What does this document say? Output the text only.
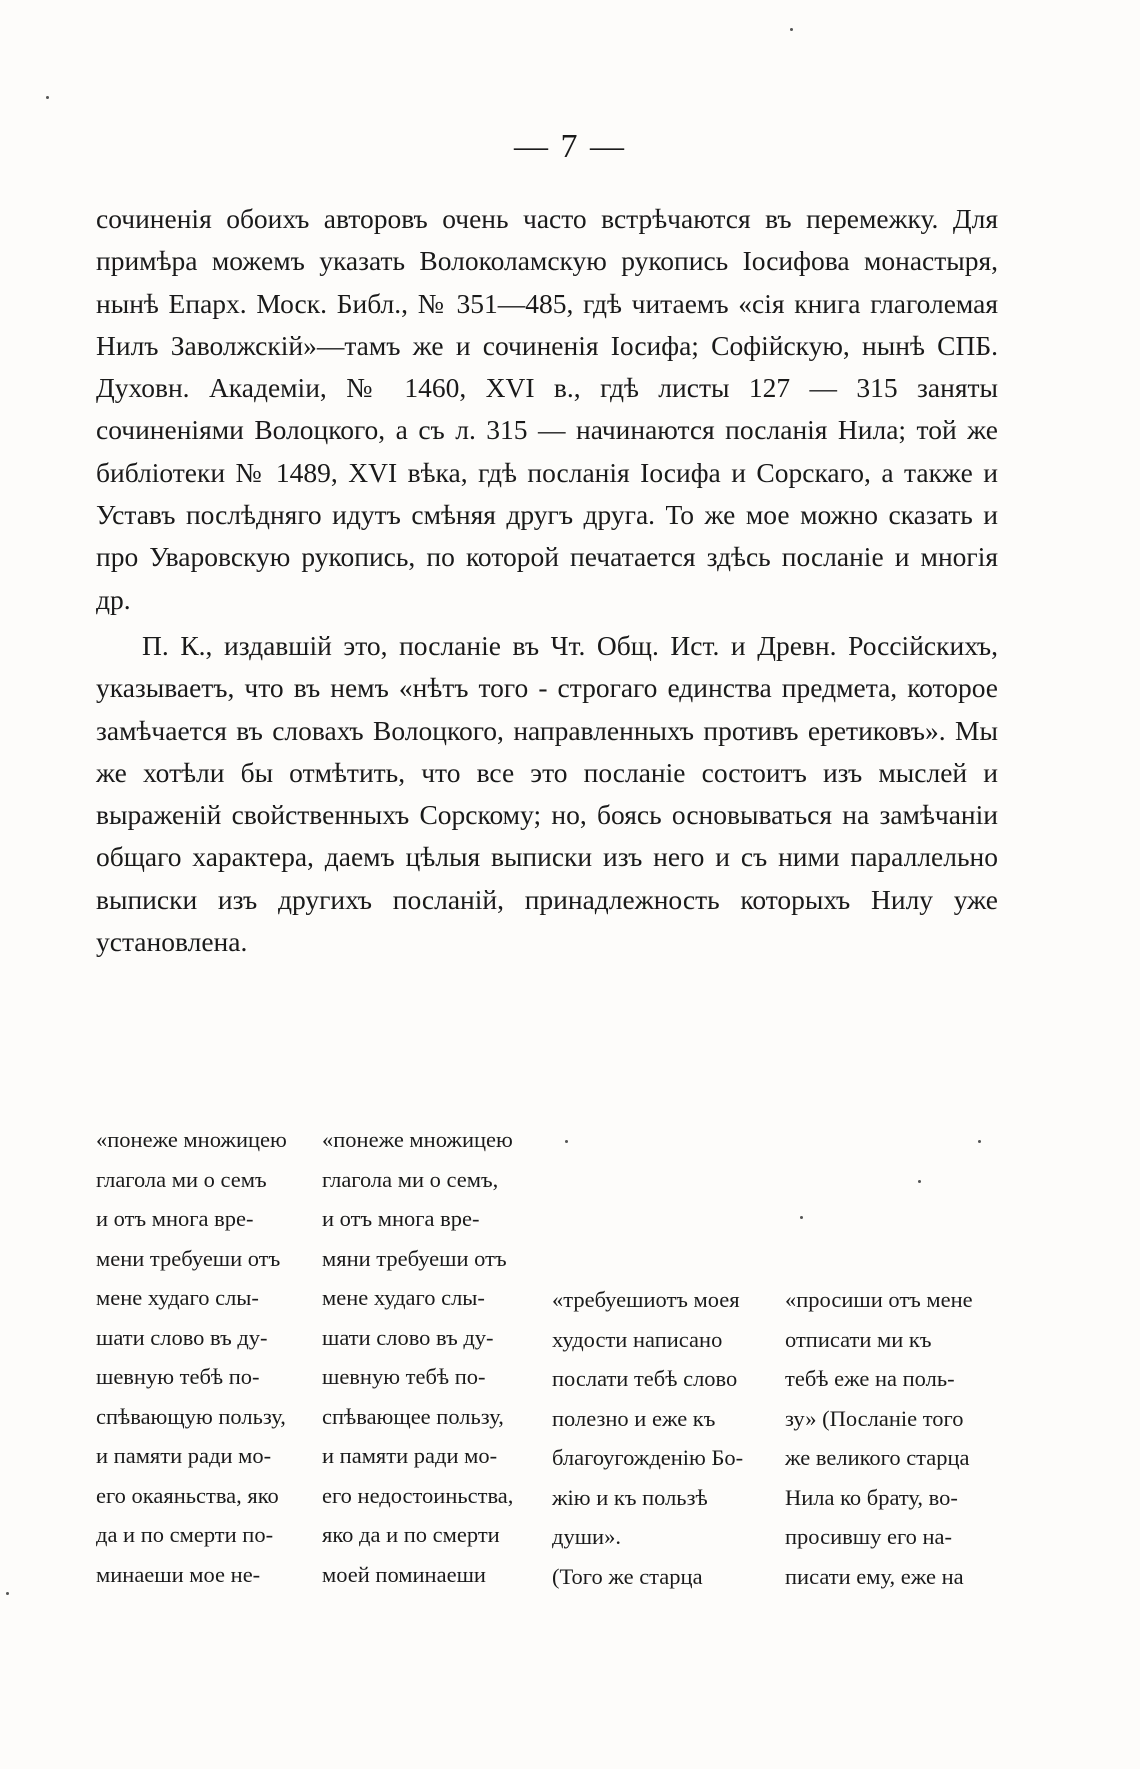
— 7 —

сочиненія обоихъ авторовъ очень часто встрѣчаются въ перемежку. Для примѣра можемъ указать Волоколамскую рукопись Іосифова монастыря, нынѣ Епарх. Моск. Библ., № 351—485, гдѣ читаемъ «сія книга глаголемая Нилъ Заволжскій»—тамъ же и сочиненія Іосифа; Софійскую, нынѣ СПБ. Духовн. Академіи, № 1460, XVI в., гдѣ листы 127 — 315 заняты сочиненіями Волоцкого, а съ л. 315 — начинаются посланія Нила; той же библіотеки № 1489, XVI вѣка, гдѣ посланія Іосифа и Сорскаго, а также и Уставъ послѣдняго идутъ смѣняя другъ друга. То же мое можно сказать и про Уваровскую рукопись, по которой печатается здѣсь посланіе и многія др.

П. К., издавшій это, посланіе въ Чт. Общ. Ист. и Древн. Россійскихъ, указываетъ, что въ немъ «нѣтъ того - строгаго единства предмета, которое замѣчается въ словахъ Волоцкого, направленныхъ противъ еретиковъ». Мы же хотѣли бы отмѣтить, что все это посланіе состоитъ изъ мыслей и выраженій свойственныхъ Сорскому; но, боясь основываться на замѣчаніи общаго характера, даемъ цѣлыя выписки изъ него и съ ними параллельно выписки изъ другихъ посланій, принадлежность которыхъ Нилу уже установлена.

«понеже множицею
глагола ми о семъ
и отъ многа вре-
мени требуеши отъ
мене худаго слы-
шати слово въ ду-
шевную тебѣ по-
спѣвающую пользу,
и памяти ради мо-
его окаяньства, яко
да и по смерти по-
минаеши мое не-
«понеже множицею
глагола ми о семъ,
и отъ многа вре-
мяни требуеши отъ
мене худаго слы-
шати слово въ ду-
шевную тебѣ по-
спѣвающее пользу,
и памяти ради мо-
его недостоиньства,
яко да и по смерти
моей поминаеши
«требуешиотъ моея
худости написано
послати тебѣ слово
полезно и еже къ
благоугожденію Бо-
жію и къ пользѣ
души».
(Того же старца
«просиши отъ мене
отписати ми къ
тебѣ еже на поль-
зу» (Посланіе того
же великого старца
Нила ко брату, во-
просившу его на-
писати ему, еже на
